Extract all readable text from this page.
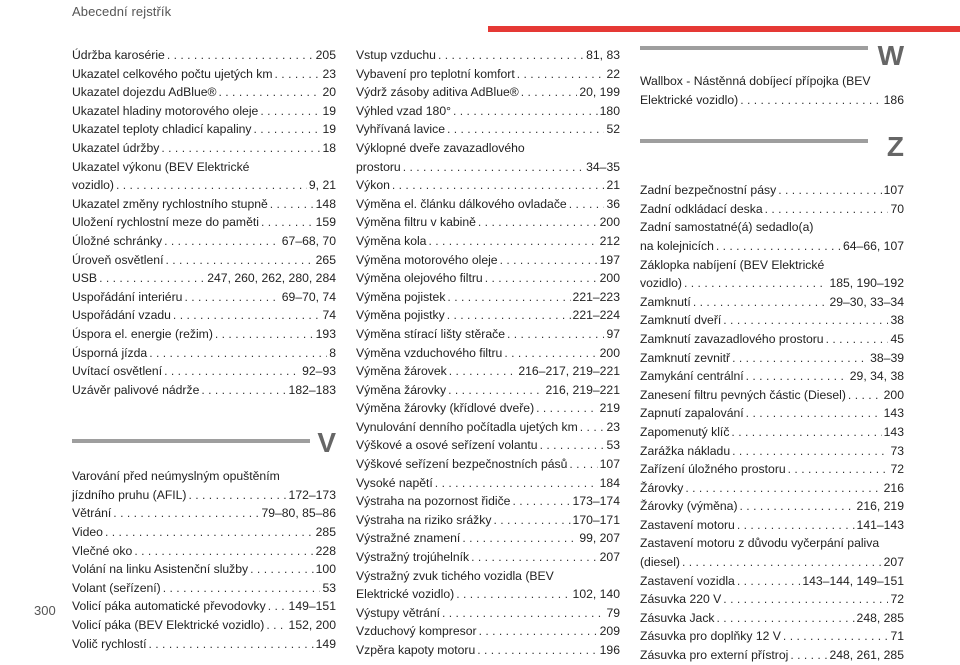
Abecední rejstřík
Údržba karosérie . . .	205
Ukazatel celkového počtu ujetých km . . .	23
Ukazatel dojezdu AdBlue® . . .	20
Ukazatel hladiny motorového oleje . . .	19
Ukazatel teploty chladicí kapaliny . . .	19
Ukazatel údržby . . .	18
Ukazatel výkonu (BEV Elektrické
vozidlo) . . .	9, 21
Ukazatel změny rychlostního stupně . . .	148
Uložení rychlostní meze do paměti . . .	159
Úložné schránky . . .	67–68, 70
Úroveň osvětlení . . .	265
USB . . .	247, 260, 262, 280, 284
Uspořádání interiéru . . .	69–70, 74
Uspořádání vzadu . . .	74
Úspora el. energie (režim) . . .	193
Úsporná jízda . . .	8
Uvítací osvětlení . . .	92–93
Uzávěr palivové nádrže . . .	182–183
V
Varování před neúmyslným opuštěním
jízdního pruhu (AFIL) . . .	172–173
Větrání . . .	79–80, 85–86
Video . . .	285
Vlečné oko . . .	228
Volání na linku Asistenční služby . . .	100
Volant (seřízení) . . .	53
Volicí páka automatické převodovky . . . 149–151
Volicí páka (BEV Elektrické vozidlo) . . . 152, 200
Volič rychlostí . . .	149
Vstup vzduchu . . .	81, 83
Vybavení pro teplotní komfort . . .	22
Výdrž zásoby aditiva AdBlue® . . .	20, 199
Výhled vzad 180° . . .	180
Vyhřívaná lavice . . .	52
Výklopné dveře zavazadlového
prostoru . . .	34–35
Výkon . . .	21
Výměna el. článku dálkového ovladače . . .	36
Výměna filtru v kabině . . .	200
Výměna kola . . .	212
Výměna motorového oleje . . .	197
Výměna olejového filtru . . .	200
Výměna pojistek . . .	221–223
Výměna pojistky . . .	221–224
Výměna stírací lišty stěrače . . .	97
Výměna vzduchového filtru . . .	200
Výměna žárovek . . .	216–217, 219–221
Výměna žárovky . . .	216, 219–221
Výměna žárovky (křídlové dveře) . . .	219
Vynulování denního počítadla ujetých km . . . 23
Výškové a osové seřízení volantu . . .	53
Výškové seřízení bezpečnostních pásů . . .	107
Vysoké napětí . . .	184
Výstraha na pozornost řidiče . . .	173–174
Výstraha na riziko srážky . . .	170–171
Výstražné znamení . . .	99, 207
Výstražný trojúhelník . . .	207
Výstražný zvuk tichého vozidla (BEV
Elektrické vozidlo) . . .	102, 140
Výstupy větrání . . .	79
Vzduchový kompresor . . .	209
Vzpěra kapoty motoru . . .	196
W
Wallbox - Nástěnná dobíjecí přípojka (BEV
Elektrické vozidlo) . . .	186
Z
Zadní bezpečnostní pásy . . .	107
Zadní odkládací deska . . .	70
Zadní samostatné(á) sedadlo(a)
na kolejnicích . . .	64–66, 107
Záklopka nabíjení (BEV Elektrické
vozidlo) . . .	185, 190–192
Zamknutí . . .	29–30, 33–34
Zamknutí dveří . . .	38
Zamknutí zavazadlového prostoru . . .	45
Zamknutí zevnitř . . .	38–39
Zamykání centrální . . .	29, 34, 38
Zanesení filtru pevných částic (Diesel) . . .	200
Zapnutí zapalování . . .	143
Zapomenutý klíč . . .	143
Zarážka nákladu . . .	73
Zařízení úložného prostoru . . .	72
Žárovky . . .	216
Žárovky (výměna) . . .	216, 219
Zastavení motoru . . .	141–143
Zastavení motoru z důvodu vyčerpání paliva
(diesel) . . .	207
Zastavení vozidla . . .	143–144, 149–151
Zásuvka 220 V . . .	72
Zásuvka Jack . . .	248, 285
Zásuvka pro doplňky 12 V . . .	71
Zásuvka pro externí přístroj . . .	248, 261, 285
300
